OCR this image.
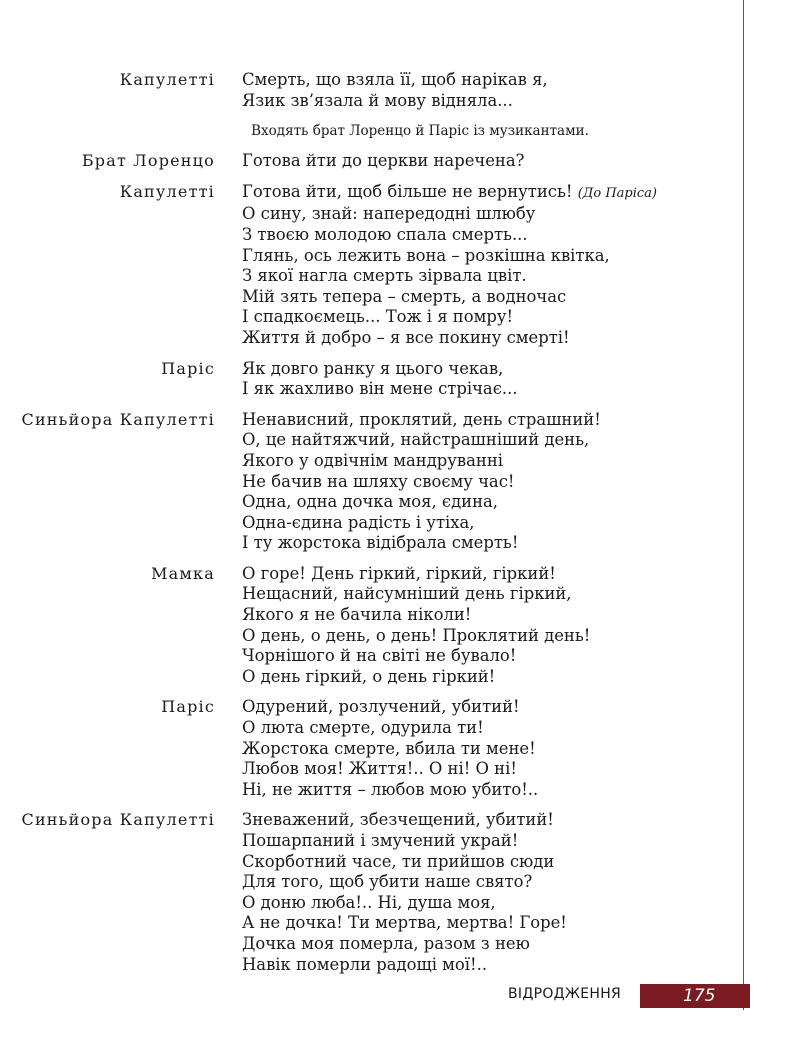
Капулетті	Смерть, що взяла її, щоб нарікав я,
Язик зв’язала й мову відняла...
Входять брат Лоренцо й Паріс із музикантами.
Брат Лоренцо	Готова йти до церкви наречена?
Капулетті	Готова йти, щоб більше не вернутись! (До Паріса)
О сину, знай: напередодні шлюбу
З твоєю молодою спала смерть...
Глянь, ось лежить вона – розкішна квітка,
З якої нагла смерть зірвала цвіт.
Мій зять тепера – смерть, а водночас
І спадкоємець... Тож і я помру!
Життя й добро – я все покину смерті!
Паріс	Як довго ранку я цього чекав,
І як жахливо він мене стрічає...
Синьйора Капулетті	Ненависний, проклятий, день страшний!
О, це найтяжчий, найстрашніший день,
Якого у одвічнім мандруванні
Не бачив на шляху своєму час!
Одна, одна дочка моя, єдина,
Одна-єдина радість і утіха,
І ту жорстока відібрала смерть!
Мамка	О горе! День гіркий, гіркий, гіркий!
Нещасний, найсумніший день гіркий,
Якого я не бачила ніколи!
О день, о день, о день! Проклятий день!
Чорнішого й на світі не бувало!
О день гіркий, о день гіркий!
Паріс	Одурений, розлучений, убитий!
О люта смерте, одурила ти!
Жорстока смерте, вбила ти мене!
Любов моя! Життя!.. О ні! О ні!
Ні, не життя – любов мою убито!..
Синьйора Капулетті	Зневажений, збезчещений, убитий!
Пошарпаний і змучений украй!
Скорботний часе, ти прийшов сюди
Для того, щоб убити наше свято?
О доню люба!.. Ні, душа моя,
А не дочка! Ти мертва, мертва! Горе!
Дочка моя померла, разом з нею
Навік померли радощі мої!..
ВІДРОДЖЕННЯ	175
